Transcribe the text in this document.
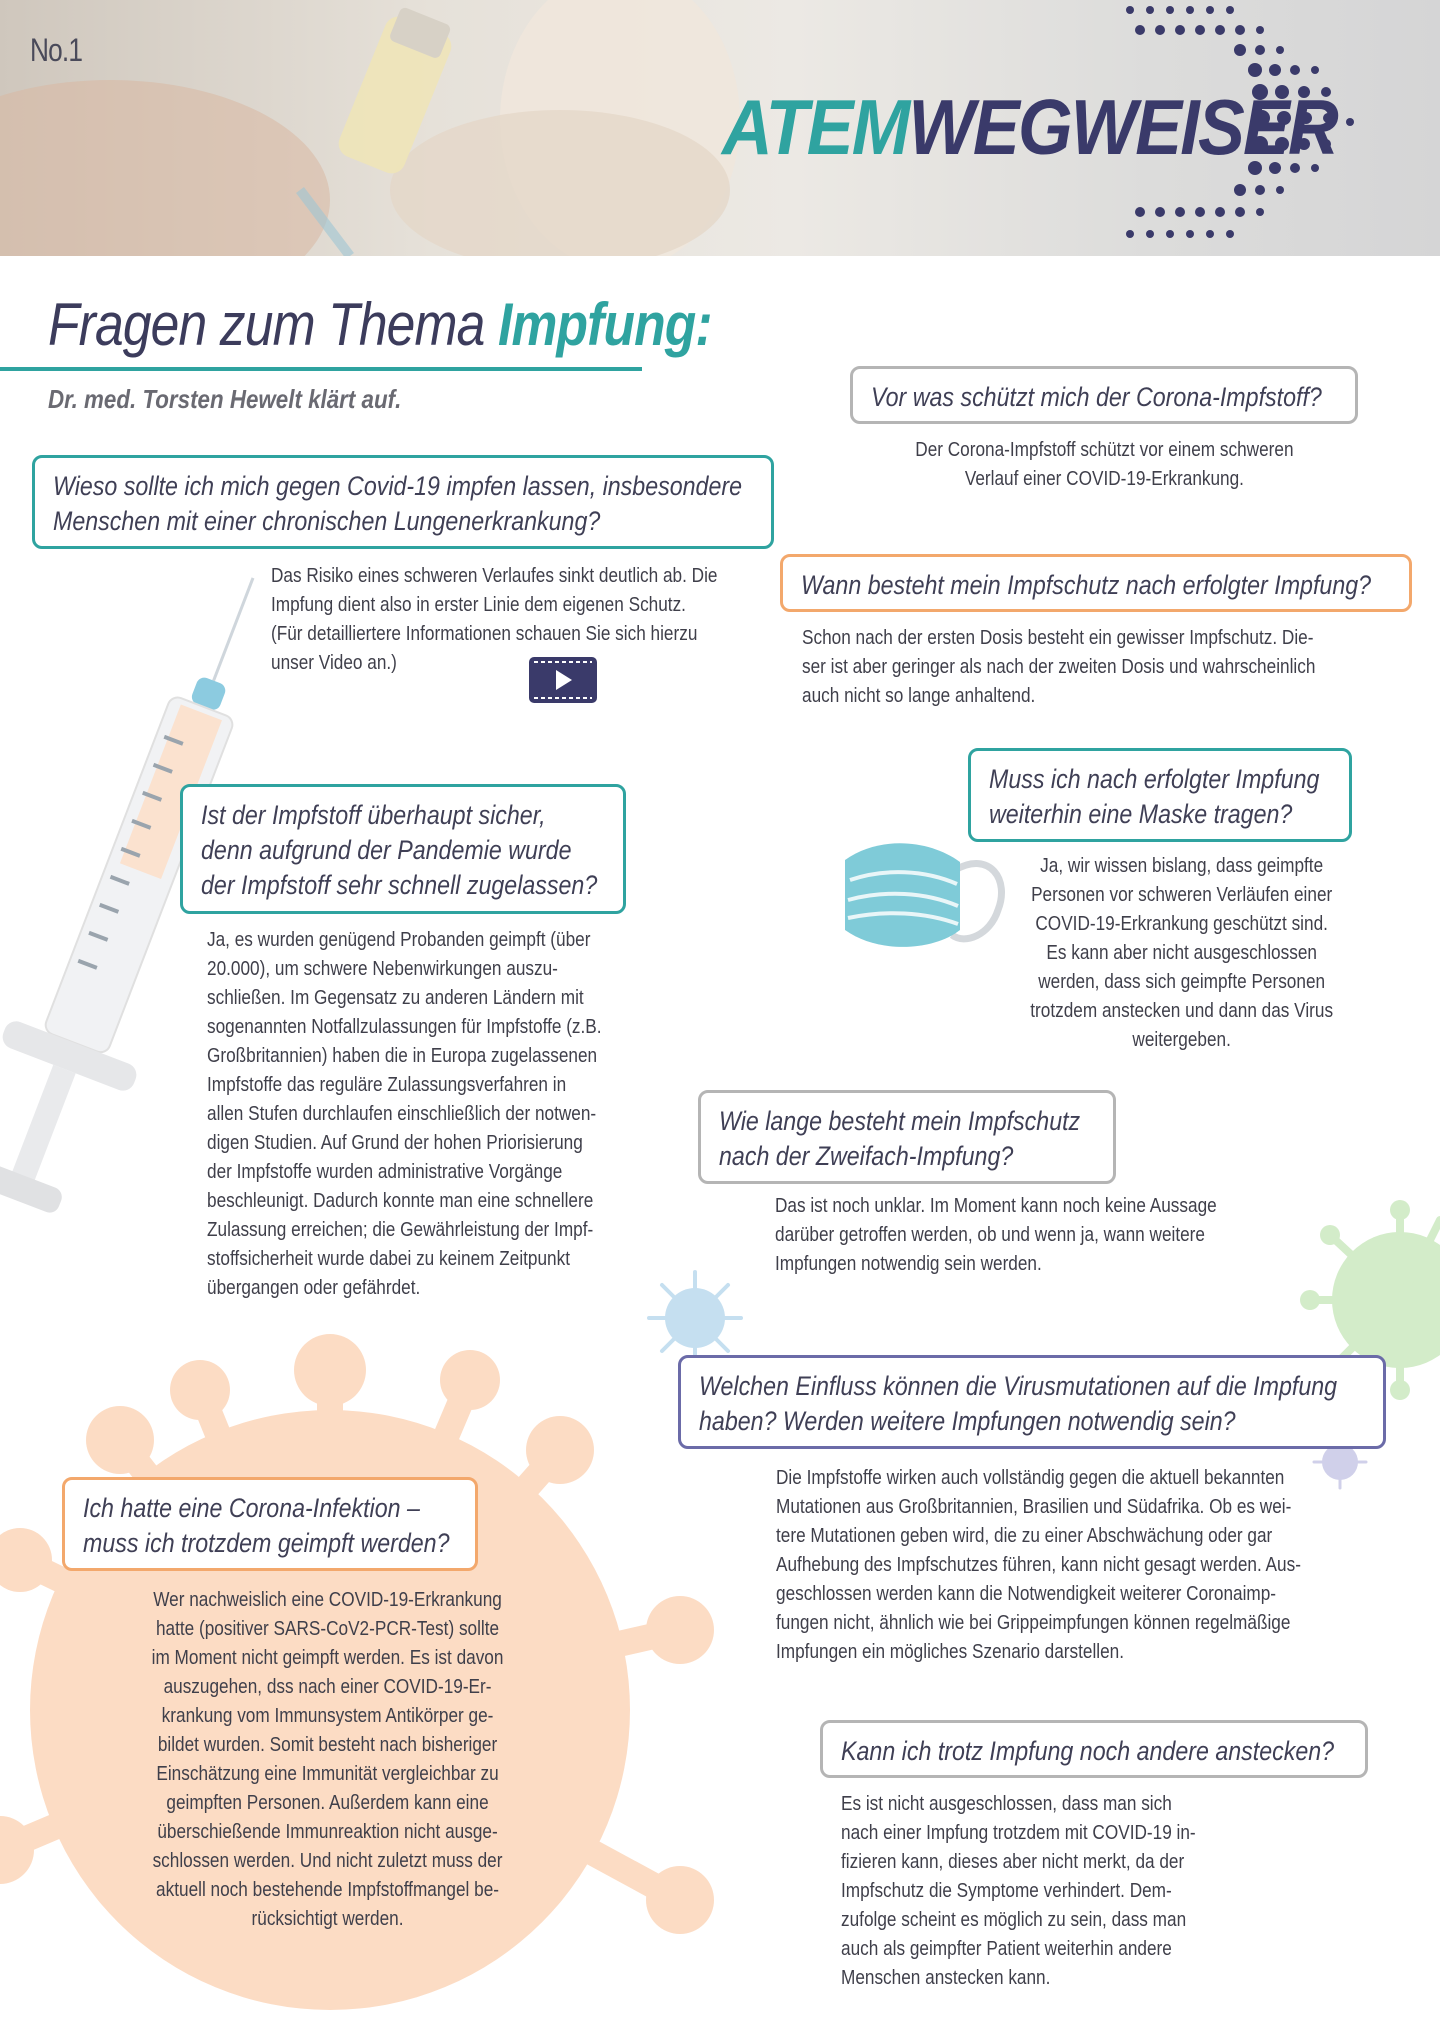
No.1
ATEMWEGWEISER
Fragen zum Thema Impfung:
Dr. med. Torsten Hewelt klärt auf.
Wieso sollte ich mich gegen Covid-19 impfen lassen, insbesondere
Menschen mit einer chronischen Lungenerkrankung?
Das Risiko eines schweren Verlaufes sinkt deutlich ab. Die
Impfung dient also in erster Linie dem eigenen Schutz.
(Für detailliertere Informationen schauen Sie sich hierzu
unser Video an.)
Vor was schützt mich der Corona-Impfstoff?
Der Corona-Impfstoff schützt vor einem schweren
Verlauf einer COVID-19-Erkrankung.
Wann besteht mein Impfschutz nach erfolgter Impfung?
Schon nach der ersten Dosis besteht ein gewisser Impfschutz. Die-
ser ist aber geringer als nach der zweiten Dosis und wahrscheinlich
auch nicht so lange anhaltend.
Ist der Impfstoff überhaupt sicher,
denn aufgrund der Pandemie wurde
der Impfstoff sehr schnell zugelassen?
Ja, es wurden genügend Probanden geimpft (über
20.000), um schwere Nebenwirkungen auszu-
schließen. Im Gegensatz zu anderen Ländern mit
sogenannten Notfallzulassungen für Impfstoffe (z.B.
Großbritannien) haben die in Europa zugelassenen
Impfstoffe das reguläre Zulassungsverfahren in
allen Stufen durchlaufen einschließlich der notwen-
digen Studien. Auf Grund der hohen Priorisierung
der Impfstoffe wurden administrative Vorgänge
beschleunigt. Dadurch konnte man eine schnellere
Zulassung erreichen; die Gewährleistung der Impf-
stoffsicherheit wurde dabei zu keinem Zeitpunkt
übergangen oder gefährdet.
Muss ich nach erfolgter Impfung
weiterhin eine Maske tragen?
Ja, wir wissen bislang, dass geimpfte
Personen vor schweren Verläufen einer
COVID-19-Erkrankung geschützt sind.
Es kann aber nicht ausgeschlossen
werden, dass sich geimpfte Personen
trotzdem anstecken und dann das Virus
weitergeben.
Wie lange besteht mein Impfschutz
nach der Zweifach-Impfung?
Das ist noch unklar. Im Moment kann noch keine Aussage
darüber getroffen werden, ob und wenn ja, wann weitere
Impfungen notwendig sein werden.
Welchen Einfluss können die Virusmutationen auf die Impfung
haben? Werden weitere Impfungen notwendig sein?
Die Impfstoffe wirken auch vollständig gegen die aktuell bekannten
Mutationen aus Großbritannien, Brasilien und Südafrika. Ob es wei-
tere Mutationen geben wird, die zu einer Abschwächung oder gar
Aufhebung des Impfschutzes führen, kann nicht gesagt werden. Aus-
geschlossen werden kann die Notwendigkeit weiterer Coronaimp-
fungen nicht, ähnlich wie bei Grippeimpfungen können regelmäßige
Impfungen ein mögliches Szenario darstellen.
Ich hatte eine Corona-Infektion –
muss ich trotzdem geimpft werden?
Wer nachweislich eine COVID-19-Erkrankung
hatte (positiver SARS-CoV2-PCR-Test) sollte
im Moment nicht geimpft werden. Es ist davon
auszugehen, dss nach einer COVID-19-Er-
krankung vom Immunsystem Antikörper ge-
bildet wurden. Somit besteht nach bisheriger
Einschätzung eine Immunität vergleichbar zu
geimpften Personen. Außerdem kann eine
überschießende Immunreaktion nicht ausge-
schlossen werden. Und nicht zuletzt muss der
aktuell noch bestehende Impfstoffmangel be-
rücksichtigt werden.
Kann ich trotz Impfung noch andere anstecken?
Es ist nicht ausgeschlossen, dass man sich
nach einer Impfung trotzdem mit COVID-19 in-
fizieren kann, dieses aber nicht merkt, da der
Impfschutz die Symptome verhindert. Dem-
zufolge scheint es möglich zu sein, dass man
auch als geimpfter Patient weiterhin andere
Menschen anstecken kann.
